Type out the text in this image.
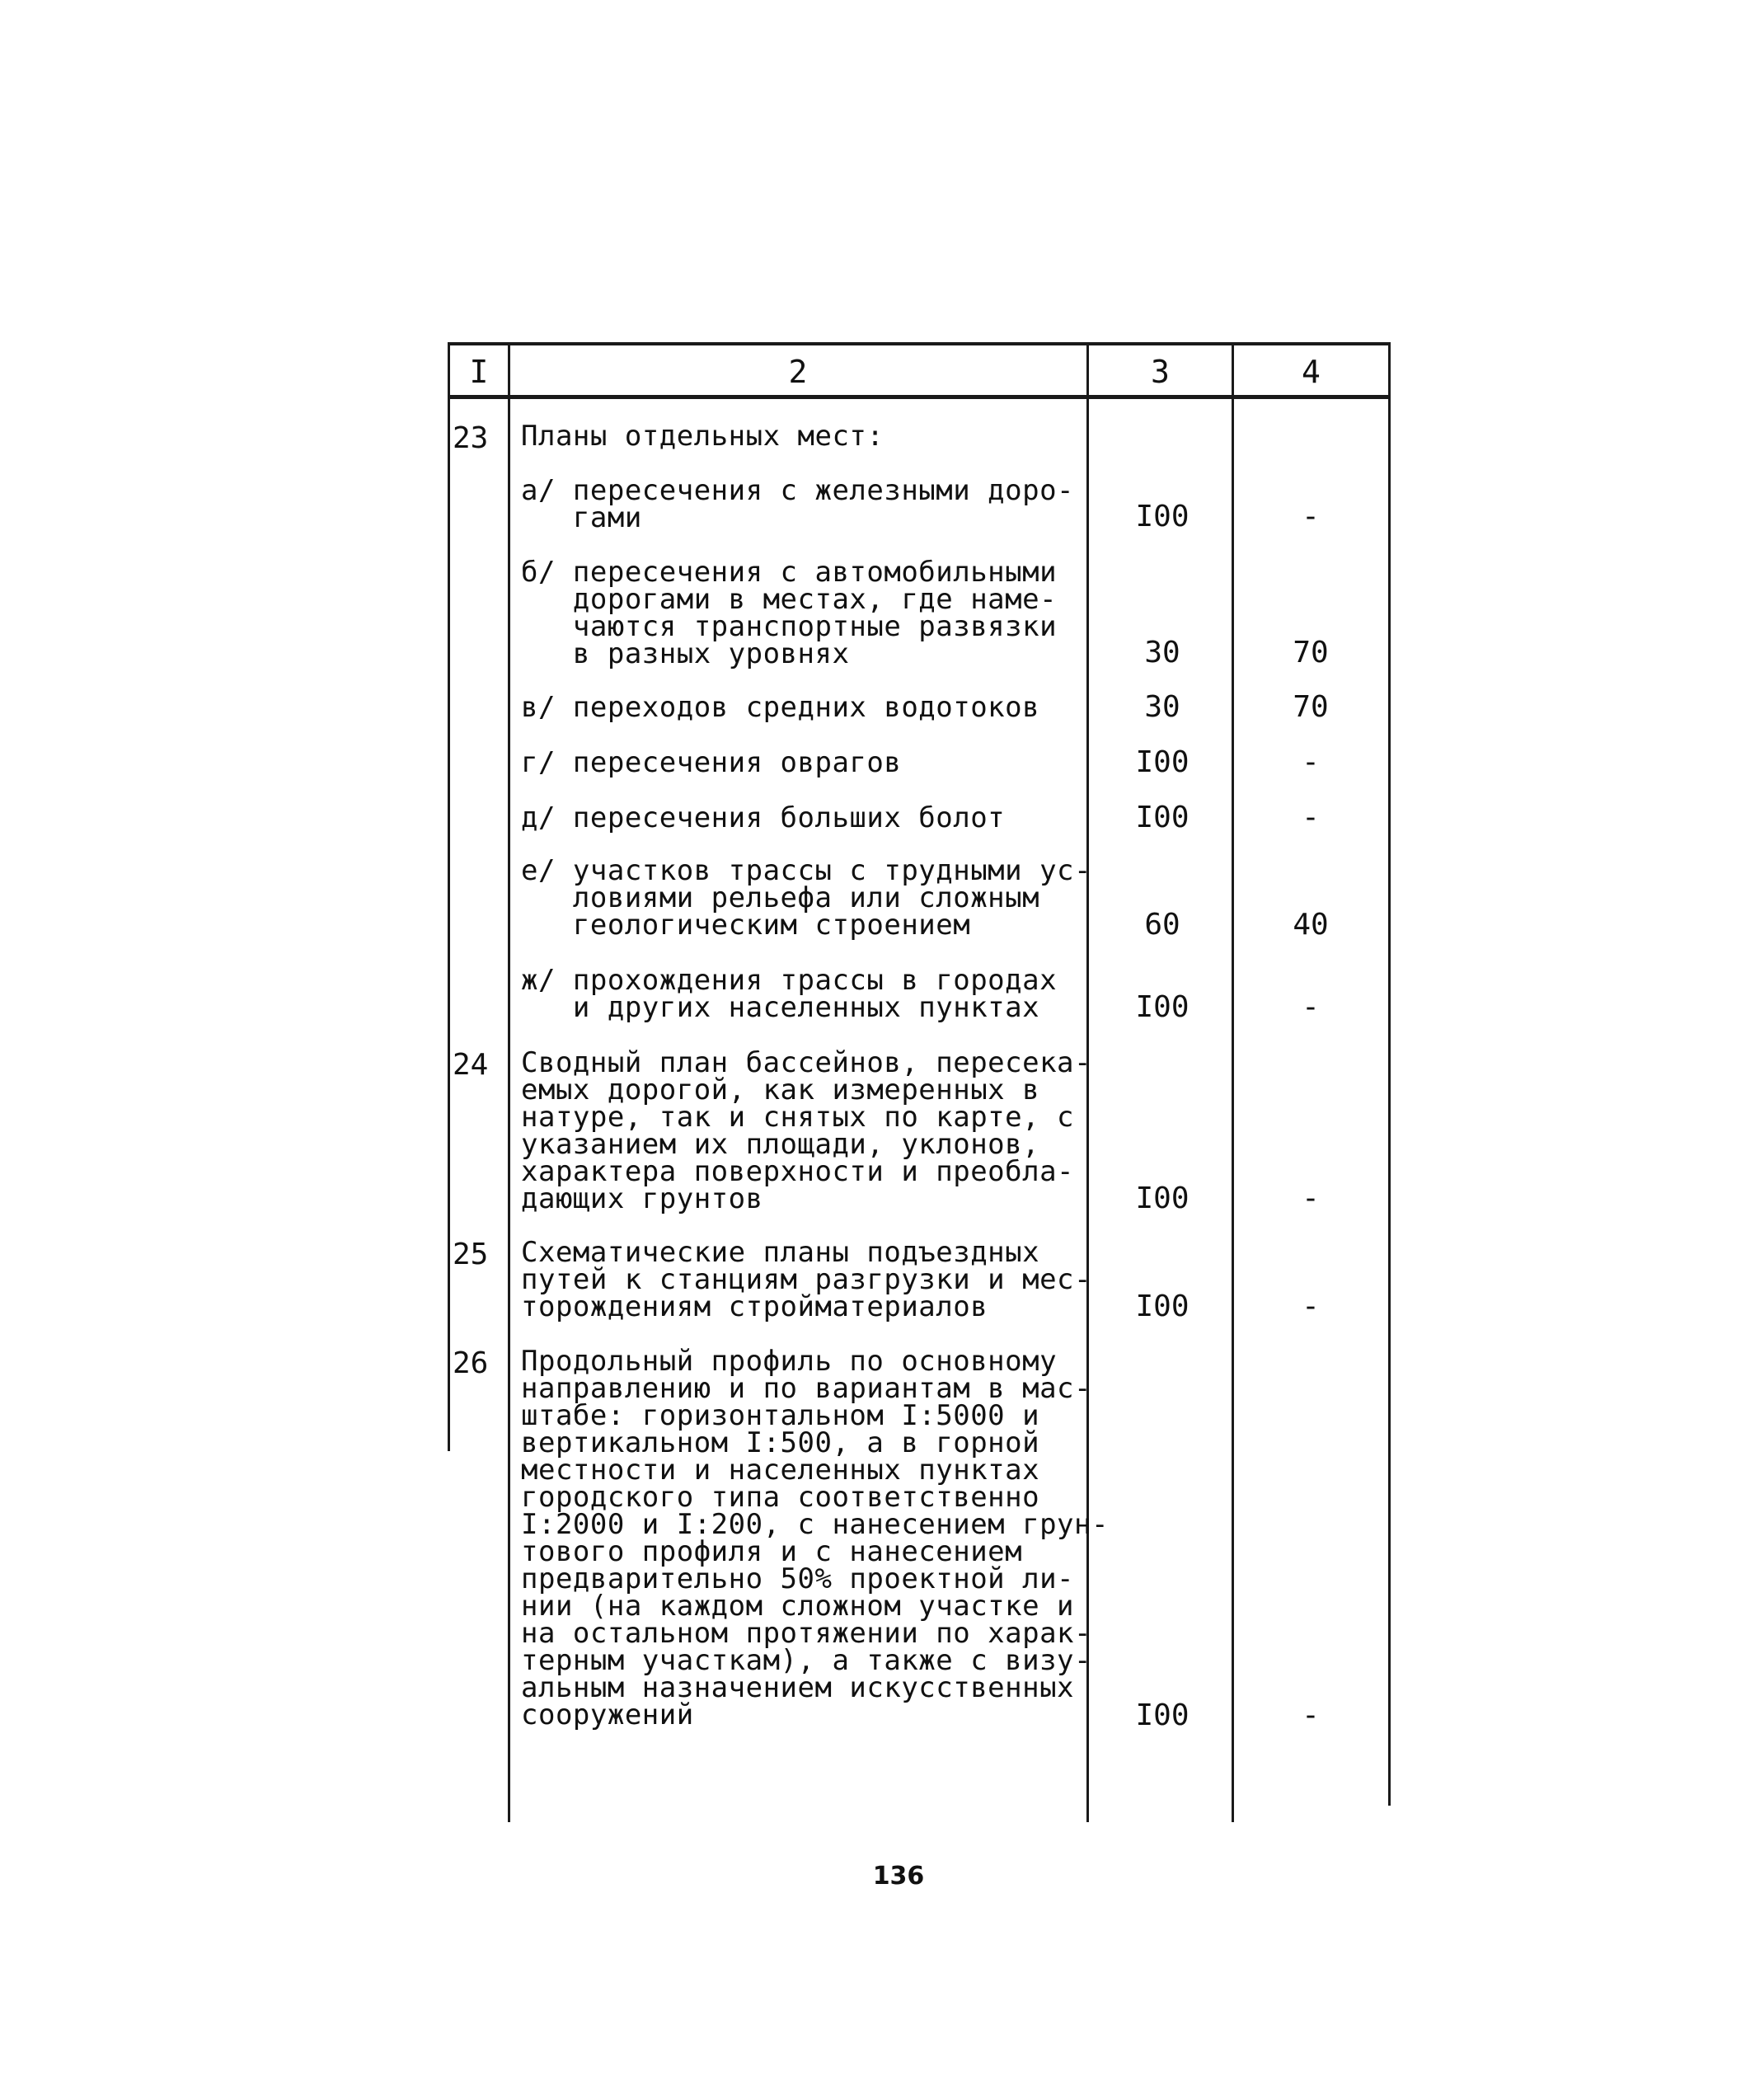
I	2	3	4
23 Планы отдельных мест:
а/ пересечения с железными доро-
гами	I00	-
б/ пересечения с автомобильными
дорогами в местах, где наме-
чаются транспортные развязки
в разных уровнях	30	70
в/ переходов средних водотоков	30	70
г/ пересечения оврагов	I00	-
д/ пересечения больших болот	I00	-
е/ участков трассы с трудными ус-
ловиями рельефа или сложным
геологическим строением	60	40
ж/ прохождения трассы в городах
и других населенных пунктах	I00	-
24 Сводный план бассейнов, пересека-
емых дорогой, как измеренных в
натуре, так и снятых по карте, с
указанием их площади, уклонов,
характера поверхности и преобла-
дающих грунтов	I00	-
25 Схематические планы подъездных
путей к станциям разгрузки и мес-
торождениям стройматериалов	I00	-
26 Продольный профиль по основному
направлению и по вариантам в мас-
штабе: горизонтальном I:5000 и
вертикальном I:500, а в горной
местности и населенных пунктах
городского типа соответственно
I:2000 и I:200, с нанесением грун-
тового профиля и с нанесением
предварительно 50% проектной ли-
нии (на каждом сложном участке и
на остальном протяжении по харак-
терным участкам), а также с визу-
альным назначением искусственных
сооружений	I00	-
136
